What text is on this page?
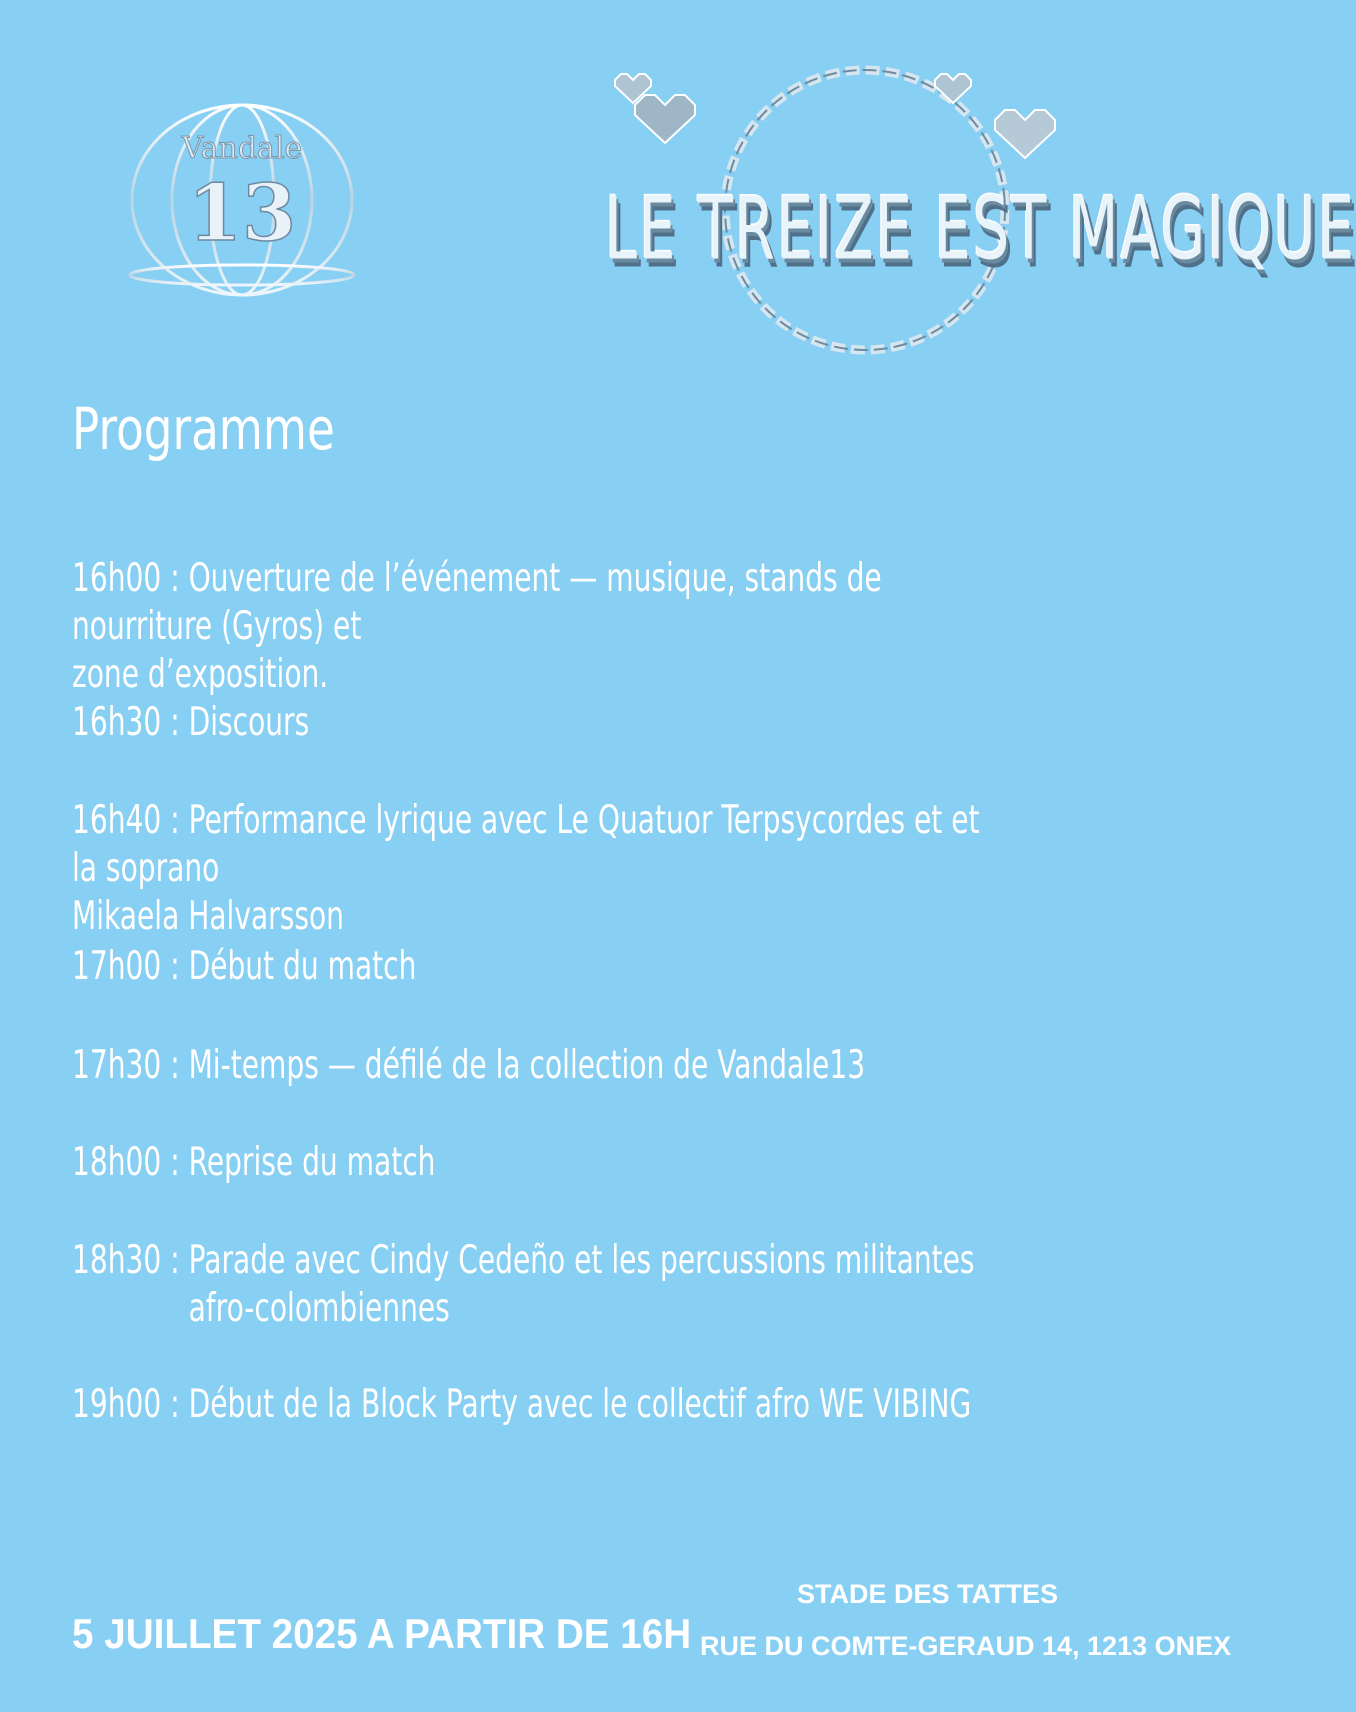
Vandale
13	LE TREIZE EST MAGIQUE
Programme
16h00 : Ouverture de l’événement — musique, stands de nourriture (Gyros) et
zone d’exposition.
16h30 : Discours
16h40 : Performance lyrique avec Le Quatuor Terpsycordes et et la soprano
Mikaela Halvarsson
17h00 : Début du match
17h30 : Mi-temps — défilé de la collection de Vandale13
18h00 : Reprise du match
18h30 : Parade avec Cindy Cedeño et les percussions militantes
afro-colombiennes
19h00 : Début de la Block Party avec le collectif afro WE VIBING
5 JUILLET 2025 A PARTIR DE 16H
STADE DES TATTES
RUE DU COMTE-GERAUD 14, 1213 ONEX
